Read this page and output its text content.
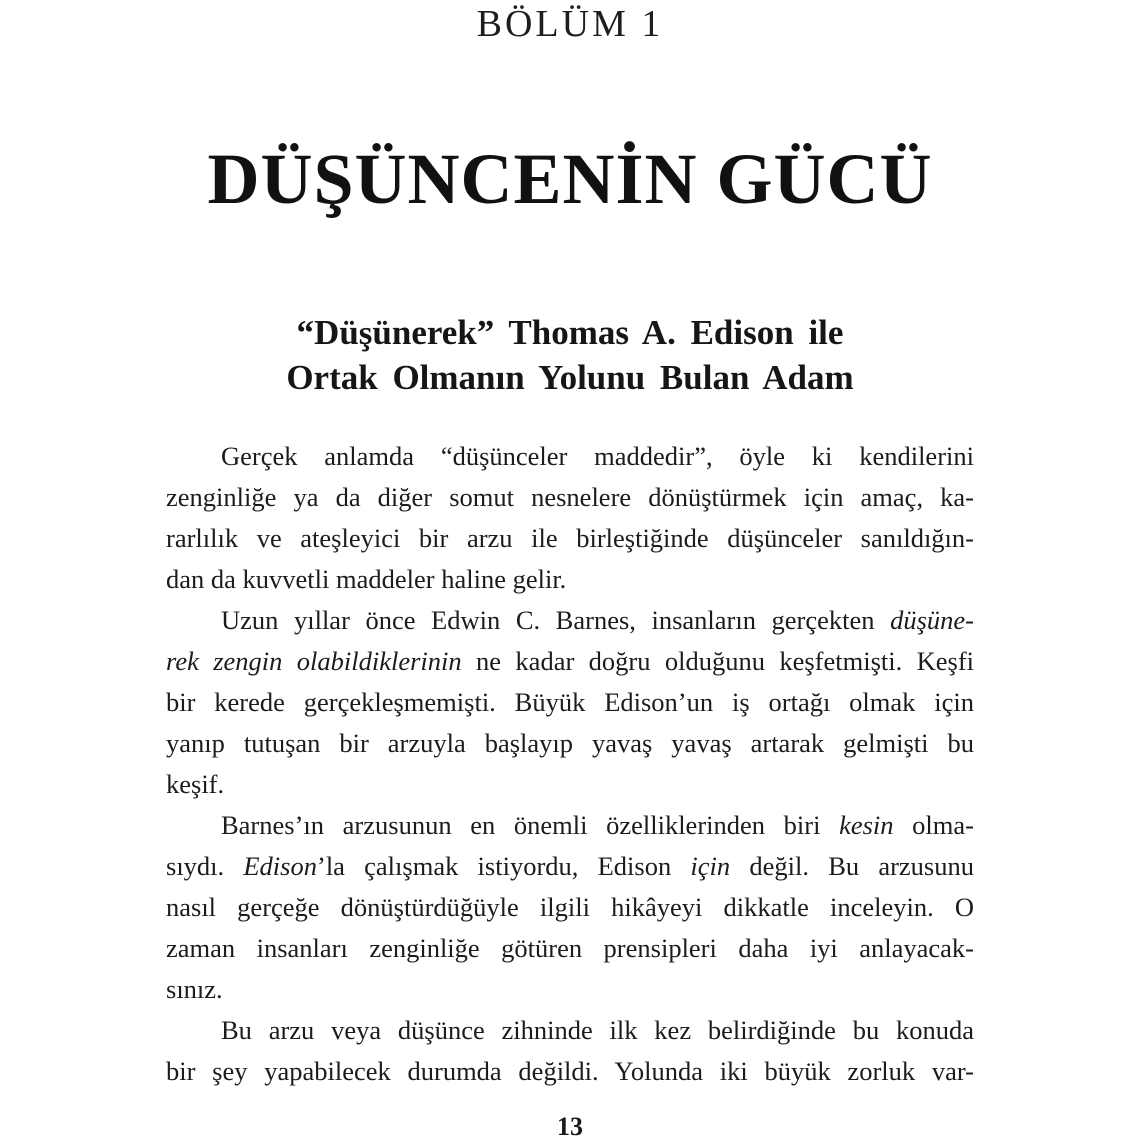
BÖLÜM 1
DÜŞÜNCENİN GÜCÜ
“Düşünerek” Thomas A. Edison ile
Ortak Olmanın Yolunu Bulan Adam
Gerçek anlamda “düşünceler maddedir”, öyle ki kendilerini
zenginliğe ya da diğer somut nesnelere dönüştürmek için amaç, ka-
rarlılık ve ateşleyici bir arzu ile birleştiğinde düşünceler sanıldığın-
dan da kuvvetli maddeler haline gelir.
Uzun yıllar önce Edwin C. Barnes, insanların gerçekten düşüne-
rek zengin olabildiklerinin ne kadar doğru olduğunu keşfetmişti. Keşfi
bir kerede gerçekleşmemişti. Büyük Edison’un iş ortağı olmak için
yanıp tutuşan bir arzuyla başlayıp yavaş yavaş artarak gelmişti bu
keşif.
Barnes’ın arzusunun en önemli özelliklerinden biri kesin olma-
sıydı. Edison’la çalışmak istiyordu, Edison için değil. Bu arzusunu
nasıl gerçeğe dönüştürdüğüyle ilgili hikâyeyi dikkatle inceleyin. O
zaman insanları zenginliğe götüren prensipleri daha iyi anlayacak-
sınız.
Bu arzu veya düşünce zihninde ilk kez belirdiğinde bu konuda
bir şey yapabilecek durumda değildi. Yolunda iki büyük zorluk var-
13
